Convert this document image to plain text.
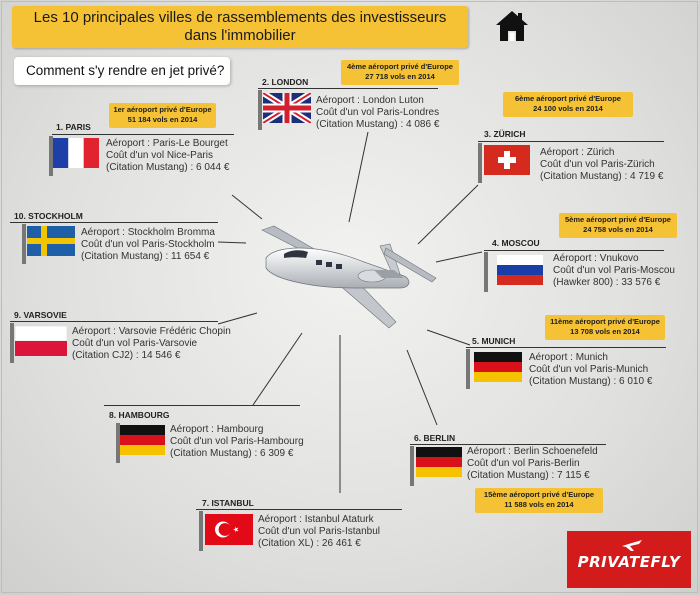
Les 10 principales villes de rassemblements des investisseurs
dans l'immobilier
Comment s'y rendre en jet privé?
1er aéroport privé d'Europe
51 184 vols en 2014
1. PARIS
Aéroport : Paris-Le Bourget
Coût d'un vol Nice-Paris
(Citation Mustang) : 6 044 €
2. LONDON
4ème aéroport privé d'Europe
27 718 vols en 2014
Aéroport : London Luton
Coût d'un vol Paris-Londres
(Citation Mustang) : 4 086 €
6ème aéroport privé d'Europe
24 100 vols en 2014
3. ZÜRICH
Aéroport : Zürich
Coût d'un vol Paris-Zürich
(Citation Mustang) : 4 719 €
5ème aéroport privé d'Europe
24 758 vols en 2014
4. MOSCOU
Aéroport : Vnukovo
Coût d'un vol Paris-Moscou
(Hawker 800) : 33 576 €
11ème aéroport privé d'Europe
13 708 vols en 2014
5. MUNICH
Aéroport : Munich
Coût d'un vol Paris-Munich
(Citation Mustang) : 6 010 €
6. BERLIN
Aéroport : Berlin Schoenefeld
Coût d'un vol Paris-Berlin
(Citation Mustang) : 7 115 €
15ème aéroport privé d'Europe
11 588 vols en 2014
7. ISTANBUL
Aéroport : Istanbul Ataturk
Coût d'un vol Paris-Istanbul
(Citation XL) : 26 461 €
8. HAMBOURG
Aéroport : Hambourg
Coût d'un vol Paris-Hambourg
(Citation Mustang) : 6 309 €
9. VARSOVIE
Aéroport : Varsovie Frédéric Chopin
Coût d'un vol Paris-Varsovie
(Citation CJ2) : 14 546 €
10. STOCKHOLM
Aéroport : Stockholm Bromma
Coût d'un vol Paris-Stockholm
(Citation Mustang) : 11 654 €
PRIVATEFLY
